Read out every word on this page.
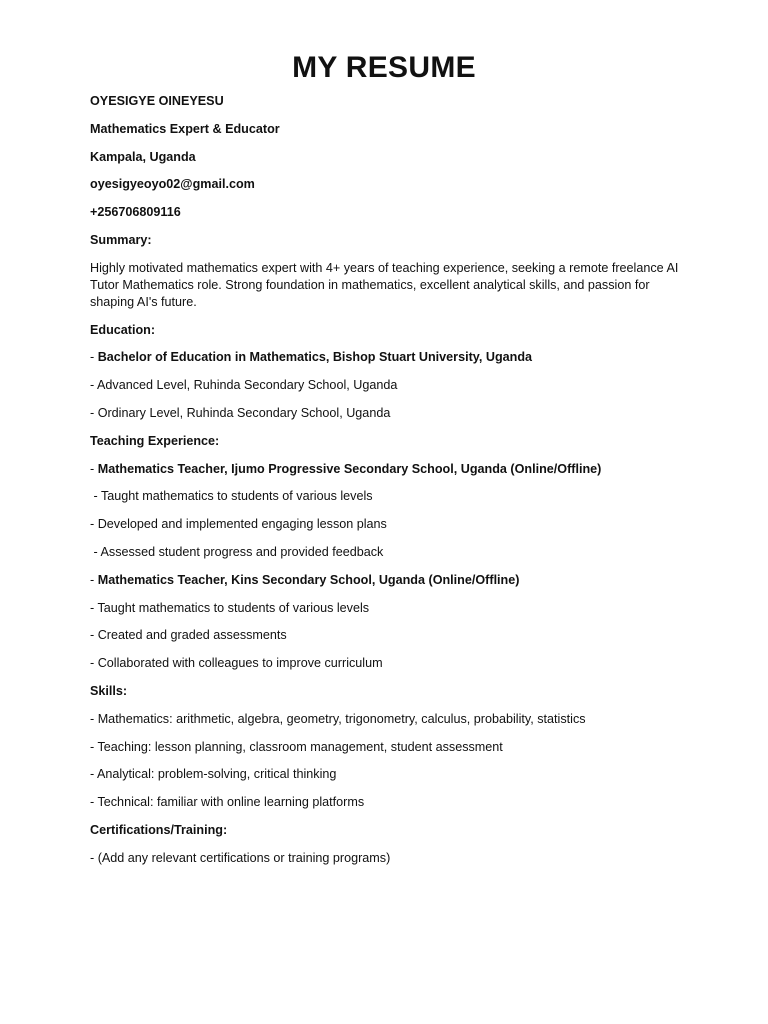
MY RESUME
OYESIGYE OINEYESU
Mathematics Expert & Educator
Kampala, Uganda
oyesigyeoyo02@gmail.com
+256706809116
Summary:
Highly motivated mathematics expert with 4+ years of teaching experience, seeking a remote freelance AI Tutor Mathematics role. Strong foundation in mathematics, excellent analytical skills, and passion for shaping AI's future.
Education:
- Bachelor of Education in Mathematics, Bishop Stuart University, Uganda
- Advanced Level, Ruhinda Secondary School, Uganda
- Ordinary Level, Ruhinda Secondary School, Uganda
Teaching Experience:
- Mathematics Teacher, Ijumo Progressive Secondary School, Uganda (Online/Offline)
- Taught mathematics to students of various levels
- Developed and implemented engaging lesson plans
- Assessed student progress and provided feedback
- Mathematics Teacher, Kins Secondary School, Uganda (Online/Offline)
- Taught mathematics to students of various levels
- Created and graded assessments
- Collaborated with colleagues to improve curriculum
Skills:
- Mathematics: arithmetic, algebra, geometry, trigonometry, calculus, probability, statistics
- Teaching: lesson planning, classroom management, student assessment
- Analytical: problem-solving, critical thinking
- Technical: familiar with online learning platforms
Certifications/Training:
- (Add any relevant certifications or training programs)
